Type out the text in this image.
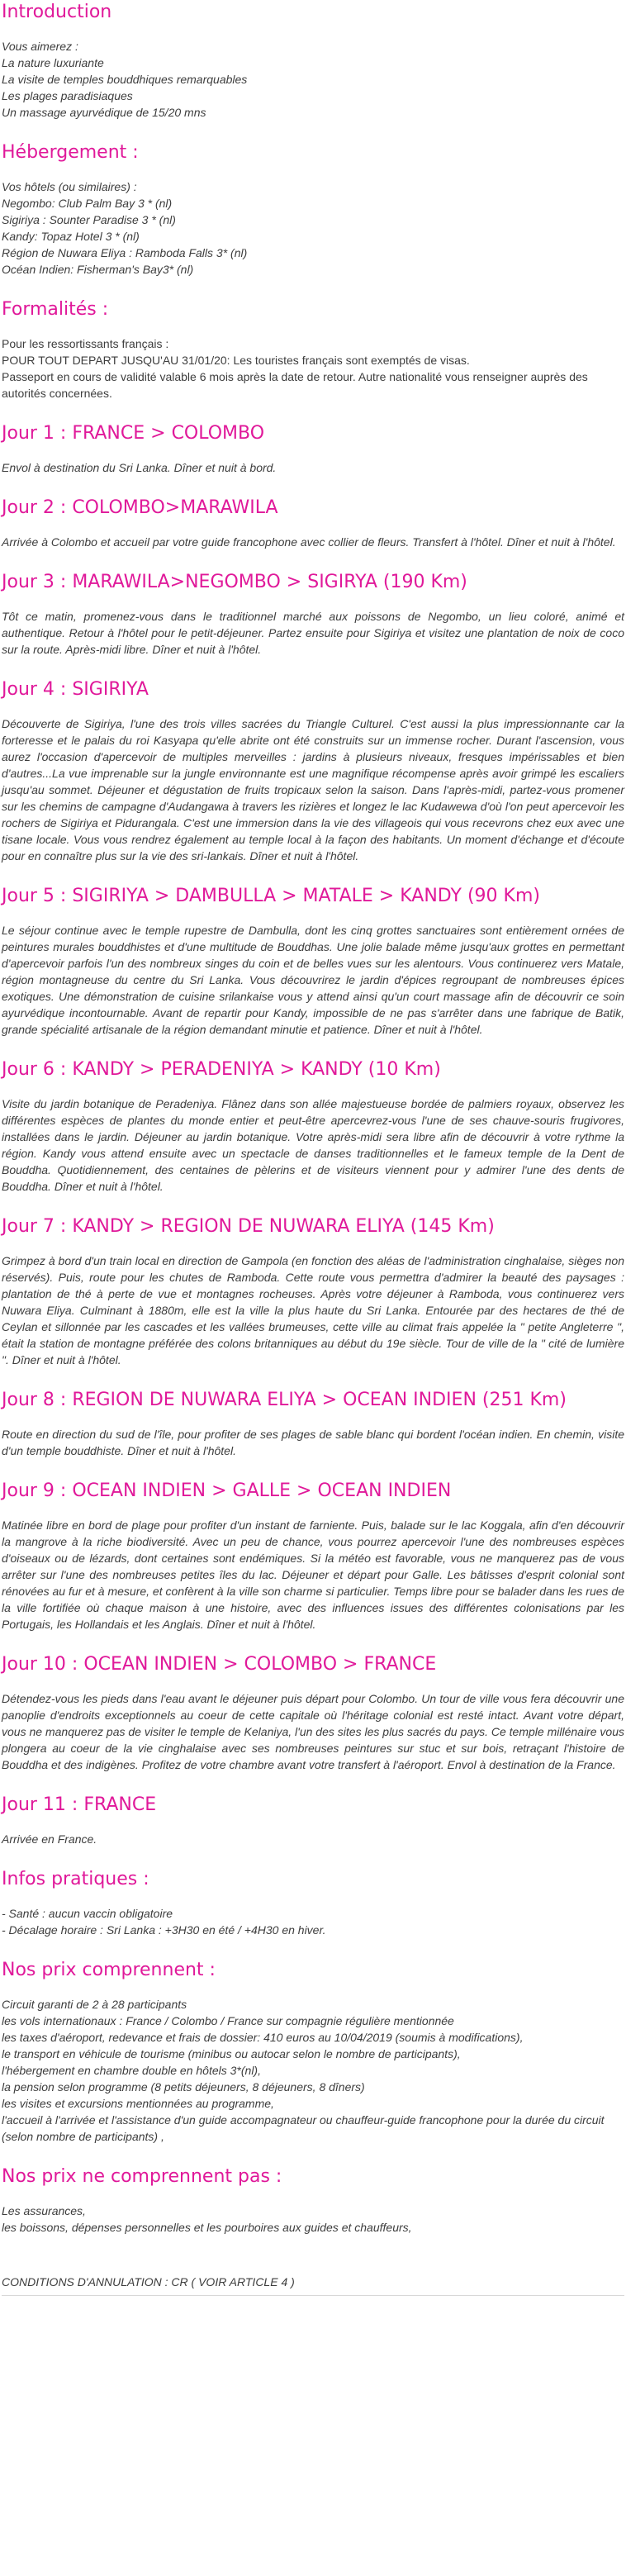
Introduction
Vous aimerez :
La nature luxuriante
La visite de temples bouddhiques remarquables
Les plages paradisiaques
Un massage ayurvédique de 15/20 mns
Hébergement :
Vos hôtels (ou similaires) :
Negombo: Club Palm Bay 3 * (nl)
Sigiriya : Sounter Paradise 3 * (nl)
Kandy: Topaz Hotel 3 * (nl)
Région de Nuwara Eliya : Ramboda Falls 3* (nl)
Océan Indien: Fisherman's Bay3* (nl)
Formalités :
Pour les ressortissants français :
POUR TOUT DEPART JUSQU'AU 31/01/20: Les touristes français sont exemptés de visas.
Passeport en cours de validité valable 6 mois après la date de retour. Autre nationalité vous renseigner auprès des autorités concernées.
Jour 1 : FRANCE > COLOMBO
Envol à destination du Sri Lanka. Dîner et nuit à bord.
Jour 2 : COLOMBO>MARAWILA
Arrivée à Colombo et accueil par votre guide francophone avec collier de fleurs. Transfert à l'hôtel. Dîner et nuit à l'hôtel.
Jour 3 : MARAWILA>NEGOMBO > SIGIRYA (190 Km)
Tôt ce matin, promenez-vous dans le traditionnel marché aux poissons de Negombo, un lieu coloré, animé et authentique. Retour à l'hôtel pour le petit-déjeuner. Partez ensuite pour Sigiriya et visitez une plantation de noix de coco sur la route. Après-midi libre. Dîner et nuit à l'hôtel.
Jour 4 : SIGIRIYA
Découverte de Sigiriya, l'une des trois villes sacrées du Triangle Culturel. C'est aussi la plus impressionnante car la forteresse et le palais du roi Kasyapa qu'elle abrite ont été construits sur un immense rocher. Durant l'ascension, vous aurez l'occasion d'apercevoir de multiples merveilles : jardins à plusieurs niveaux, fresques impérissables et bien d'autres...La vue imprenable sur la jungle environnante est une magnifique récompense après avoir grimpé les escaliers jusqu'au sommet. Déjeuner et dégustation de fruits tropicaux selon la saison. Dans l'après-midi, partez-vous promener sur les chemins de campagne d'Audangawa à travers les rizières et longez le lac Kudawewa d'où l'on peut apercevoir les rochers de Sigiriya et Pidurangala. C'est une immersion dans la vie des villageois qui vous recevrons chez eux avec une tisane locale. Vous vous rendrez également au temple local à la façon des habitants. Un moment d'échange et d'écoute pour en connaître plus sur la vie des sri-lankais. Dîner et nuit à l'hôtel.
Jour 5 : SIGIRIYA > DAMBULLA > MATALE > KANDY (90 Km)
Le séjour continue avec le temple rupestre de Dambulla, dont les cinq grottes sanctuaires sont entièrement ornées de peintures murales bouddhistes et d'une multitude de Bouddhas. Une jolie balade même jusqu'aux grottes en permettant d'apercevoir parfois l'un des nombreux singes du coin et de belles vues sur les alentours. Vous continuerez vers Matale, région montagneuse du centre du Sri Lanka. Vous découvrirez le jardin d'épices regroupant de nombreuses épices exotiques. Une démonstration de cuisine srilankaise vous y attend ainsi qu'un court massage afin de découvrir ce soin ayurvédique incontournable. Avant de repartir pour Kandy, impossible de ne pas s'arrêter dans une fabrique de Batik, grande spécialité artisanale de la région demandant minutie et patience. Dîner et nuit à l'hôtel.
Jour 6 : KANDY > PERADENIYA > KANDY (10 Km)
Visite du jardin botanique de Peradeniya. Flânez dans son allée majestueuse bordée de palmiers royaux, observez les différentes espèces de plantes du monde entier et peut-être apercevrez-vous l'une de ses chauve-souris frugivores, installées dans le jardin. Déjeuner au jardin botanique. Votre après-midi sera libre afin de découvrir à votre rythme la région. Kandy vous attend ensuite avec un spectacle de danses traditionnelles et le fameux temple de la Dent de Bouddha. Quotidiennement, des centaines de pèlerins et de visiteurs viennent pour y admirer l'une des dents de Bouddha. Dîner et nuit à l'hôtel.
Jour 7 : KANDY > REGION DE NUWARA ELIYA (145 Km)
Grimpez à bord d'un train local en direction de Gampola (en fonction des aléas de l'administration cinghalaise, sièges non réservés). Puis, route pour les chutes de Ramboda. Cette route vous permettra d'admirer la beauté des paysages : plantation de thé à perte de vue et montagnes rocheuses. Après votre déjeuner à Ramboda, vous continuerez vers Nuwara Eliya. Culminant à 1880m, elle est la ville la plus haute du Sri Lanka. Entourée par des hectares de thé de Ceylan et sillonnée par les cascades et les vallées brumeuses, cette ville au climat frais appelée la " petite Angleterre ", était la station de montagne préférée des colons britanniques au début du 19e siècle. Tour de ville de la " cité de lumière ". Dîner et nuit à l'hôtel.
Jour 8 : REGION DE NUWARA ELIYA > OCEAN INDIEN (251 Km)
Route en direction du sud de l'île, pour profiter de ses plages de sable blanc qui bordent l'océan indien. En chemin, visite d'un temple bouddhiste. Dîner et nuit à l'hôtel.
Jour 9 : OCEAN INDIEN > GALLE > OCEAN INDIEN
Matinée libre en bord de plage pour profiter d'un instant de farniente. Puis, balade sur le lac Koggala, afin d'en découvrir la mangrove à la riche biodiversité. Avec un peu de chance, vous pourrez apercevoir l'une des nombreuses espèces d'oiseaux ou de lézards, dont certaines sont endémiques. Si la météo est favorable, vous ne manquerez pas de vous arrêter sur l'une des nombreuses petites îles du lac. Déjeuner et départ pour Galle. Les bâtisses d'esprit colonial sont rénovées au fur et à mesure, et confèrent à la ville son charme si particulier. Temps libre pour se balader dans les rues de la ville fortifiée où chaque maison à une histoire, avec des influences issues des différentes colonisations par les Portugais, les Hollandais et les Anglais. Dîner et nuit à l'hôtel.
Jour 10 : OCEAN INDIEN > COLOMBO > FRANCE
Détendez-vous les pieds dans l'eau avant le déjeuner puis départ pour Colombo. Un tour de ville vous fera découvrir une panoplie d'endroits exceptionnels au coeur de cette capitale où l'héritage colonial est resté intact. Avant votre départ, vous ne manquerez pas de visiter le temple de Kelaniya, l'un des sites les plus sacrés du pays. Ce temple millénaire vous plongera au coeur de la vie cinghalaise avec ses nombreuses peintures sur stuc et sur bois, retraçant l'histoire de Bouddha et des indigènes. Profitez de votre chambre avant votre transfert à l'aéroport. Envol à destination de la France.
Jour 11 : FRANCE
Arrivée en France.
Infos pratiques :
- Santé : aucun vaccin obligatoire
- Décalage horaire : Sri Lanka : +3H30 en été / +4H30 en hiver.
Nos prix comprennent :
Circuit garanti de 2 à 28 participants
les vols internationaux : France / Colombo / France sur compagnie régulière mentionnée
les taxes d'aéroport, redevance et frais de dossier: 410 euros au 10/04/2019 (soumis à modifications),
le transport en véhicule de tourisme (minibus ou autocar selon le nombre de participants),
l'hébergement en chambre double en hôtels 3*(nl),
la pension selon programme (8 petits déjeuners, 8 déjeuners, 8 dîners)
les visites et excursions mentionnées au programme,
l'accueil à l'arrivée et l'assistance d'un guide accompagnateur ou chauffeur-guide francophone pour la durée du circuit (selon nombre de participants) ,
Nos prix ne comprennent pas :
Les assurances,
les boissons, dépenses personnelles et les pourboires aux guides et chauffeurs,
CONDITIONS D'ANNULATION : CR ( VOIR ARTICLE 4 )
